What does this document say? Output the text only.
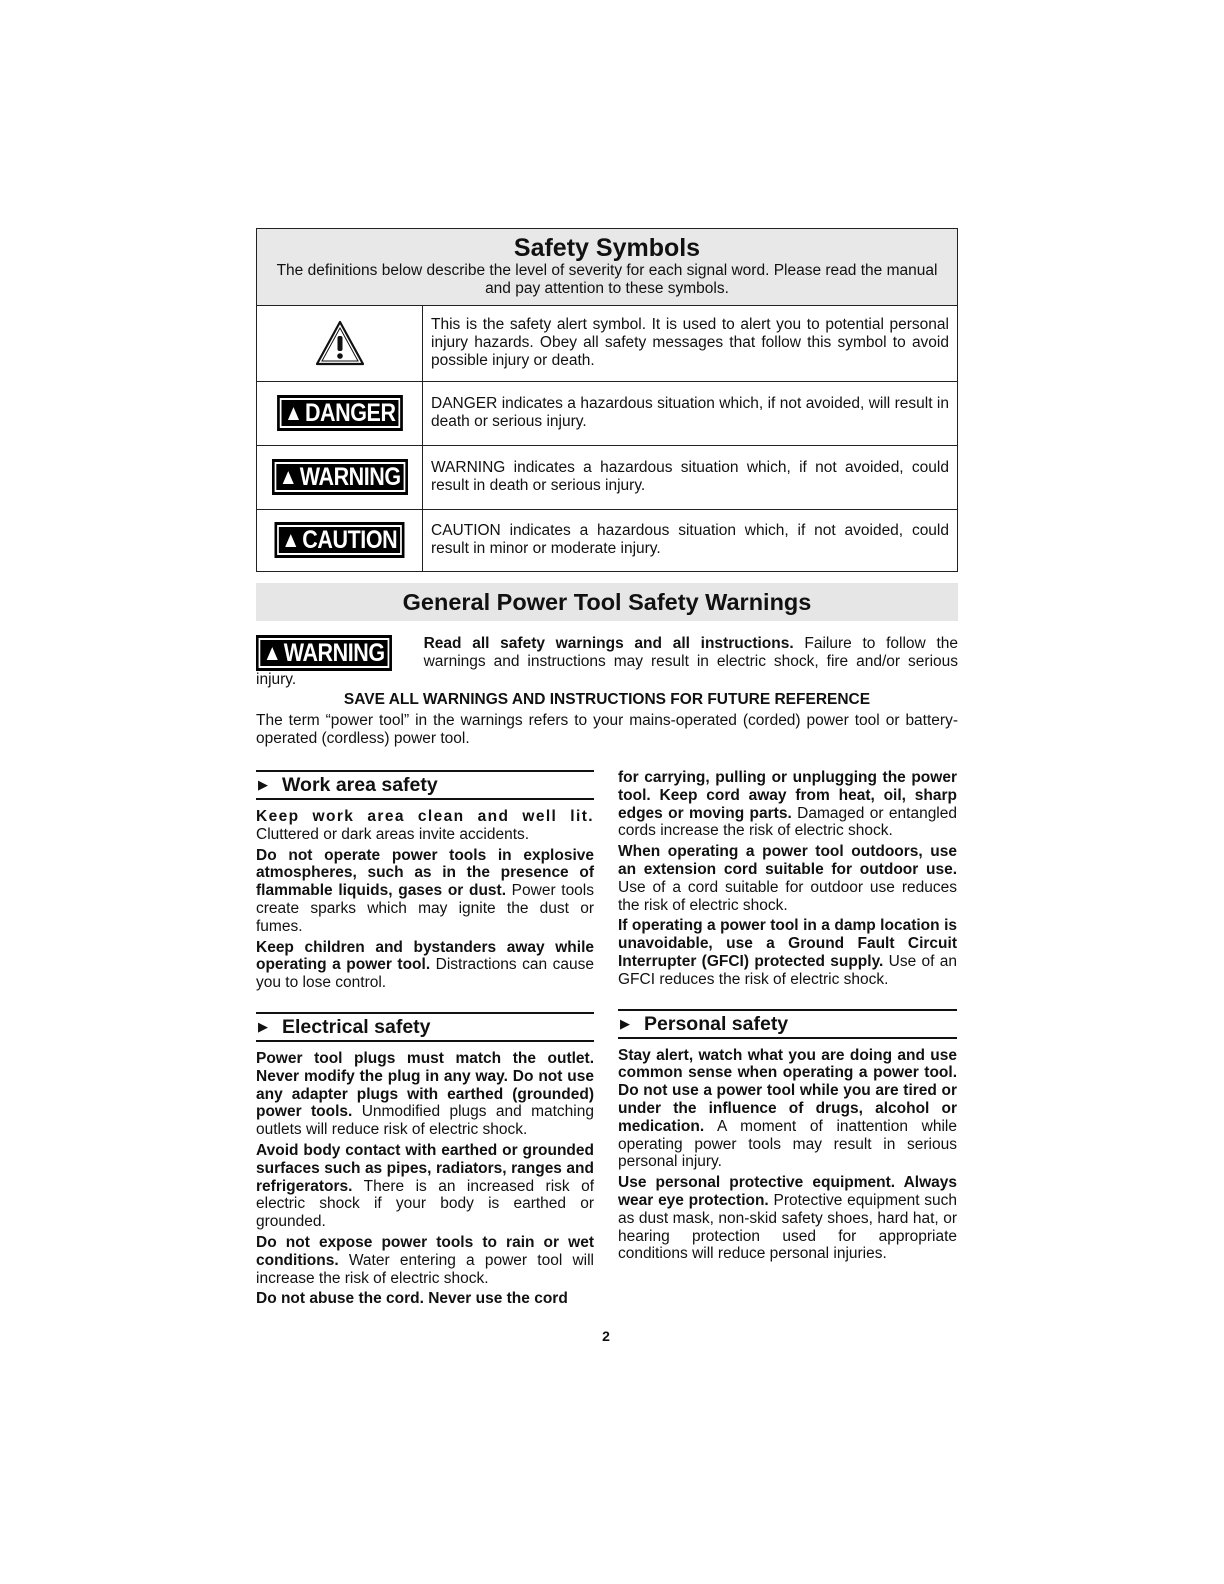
Safety Symbols
The definitions below describe the level of severity for each signal word. Please read the manual and pay attention to these symbols.
This is the safety alert symbol. It is used to alert you to potential personal injury hazards. Obey all safety messages that follow this symbol to avoid possible injury or death.
▲ DANGER DANGER indicates a hazardous situation which, if not avoided, will result in death or serious injury.
▲ WARNING WARNING indicates a hazardous situation which, if not avoided, could result in death or serious injury.
▲ CAUTION CAUTION indicates a hazardous situation which, if not avoided, could result in minor or moderate injury.
General Power Tool Safety Warnings
▲ WARNING	Read all safety warnings and all instructions. Failure to follow the warnings and instructions may result in electric shock, fire and/or serious injury.
SAVE ALL WARNINGS AND INSTRUCTIONS FOR FUTURE REFERENCE
The term “power tool” in the warnings refers to your mains-operated (corded) power tool or battery-operated (cordless) power tool.
▶ Work area safety

Keep work area clean and well lit. Cluttered or dark areas invite accidents.

Do not operate power tools in explosive atmospheres, such as in the presence of flammable liquids, gases or dust. Power tools create sparks which may ignite the dust or fumes.

Keep children and bystanders away while operating a power tool. Distractions can cause you to lose control.

▶ Electrical safety

Power tool plugs must match the outlet. Never modify the plug in any way. Do not use any adapter plugs with earthed (grounded) power tools. Unmodified plugs and matching outlets will reduce risk of electric shock.

Avoid body contact with earthed or grounded surfaces such as pipes, radiators, ranges and refrigerators. There is an increased risk of electric shock if your body is earthed or grounded.

Do not expose power tools to rain or wet conditions. Water entering a power tool will increase the risk of electric shock.

Do not abuse the cord. Never use the cord

for carrying, pulling or unplugging the power tool. Keep cord away from heat, oil, sharp edges or moving parts. Damaged or entangled cords increase the risk of electric shock.

When operating a power tool outdoors, use an extension cord suitable for outdoor use. Use of a cord suitable for outdoor use reduces the risk of electric shock.

If operating a power tool in a damp location is unavoidable, use a Ground Fault Circuit Interrupter (GFCI) protected supply. Use of an GFCI reduces the risk of electric shock.

▶ Personal safety

Stay alert, watch what you are doing and use common sense when operating a power tool. Do not use a power tool while you are tired or under the influence of drugs, alcohol or medication. A moment of inattention while operating power tools may result in serious personal injury.

Use personal protective equipment. Always wear eye protection. Protective equipment such as dust mask, non-skid safety shoes, hard hat, or hearing protection used for appropriate conditions will reduce personal injuries.

2
